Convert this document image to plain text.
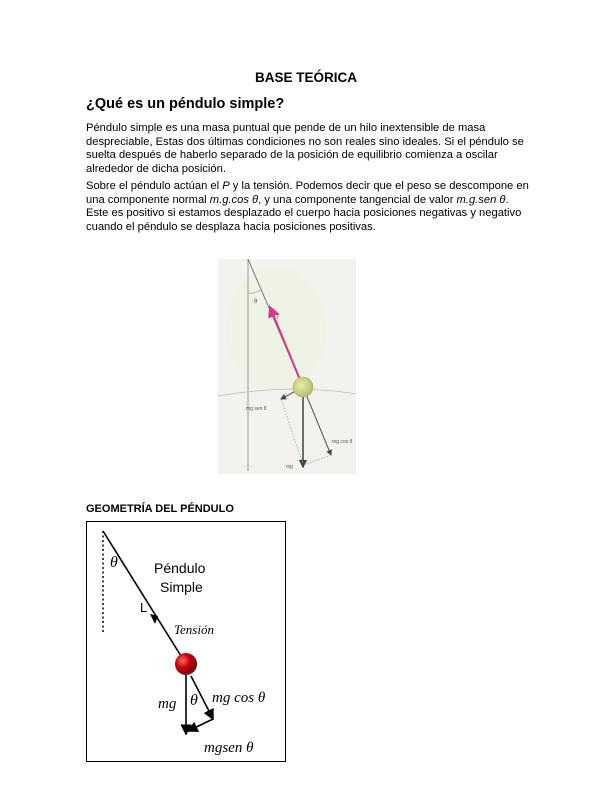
BASE TEÓRICA
¿Qué es un péndulo simple?
Péndulo simple es una masa puntual que pende de un hilo inextensible de masa despreciable, Estas dos últimas condiciones no son reales sino ideales. Si el péndulo se suelta después de haberlo separado de la posición de equilibrio comienza a oscilar alrededor de dicha posición.
Sobre el péndulo actúan el P y la tensión. Podemos decir que el peso se descompone en una componente normal m.g.cos θ, y una componente tangencial de valor m.g.sen θ. Este es positivo si estamos desplazado el cuerpo hacia posiciones negativas y negativo cuando el péndulo se desplaza hacia posiciones positivas.
θ
T
mg sen θ
mg
mg cos θ
GEOMETRÍA DEL PÉNDULO
θ	Péndulo
Simple
L
Tensión
mg θ mg cos θ
mgsen θ
